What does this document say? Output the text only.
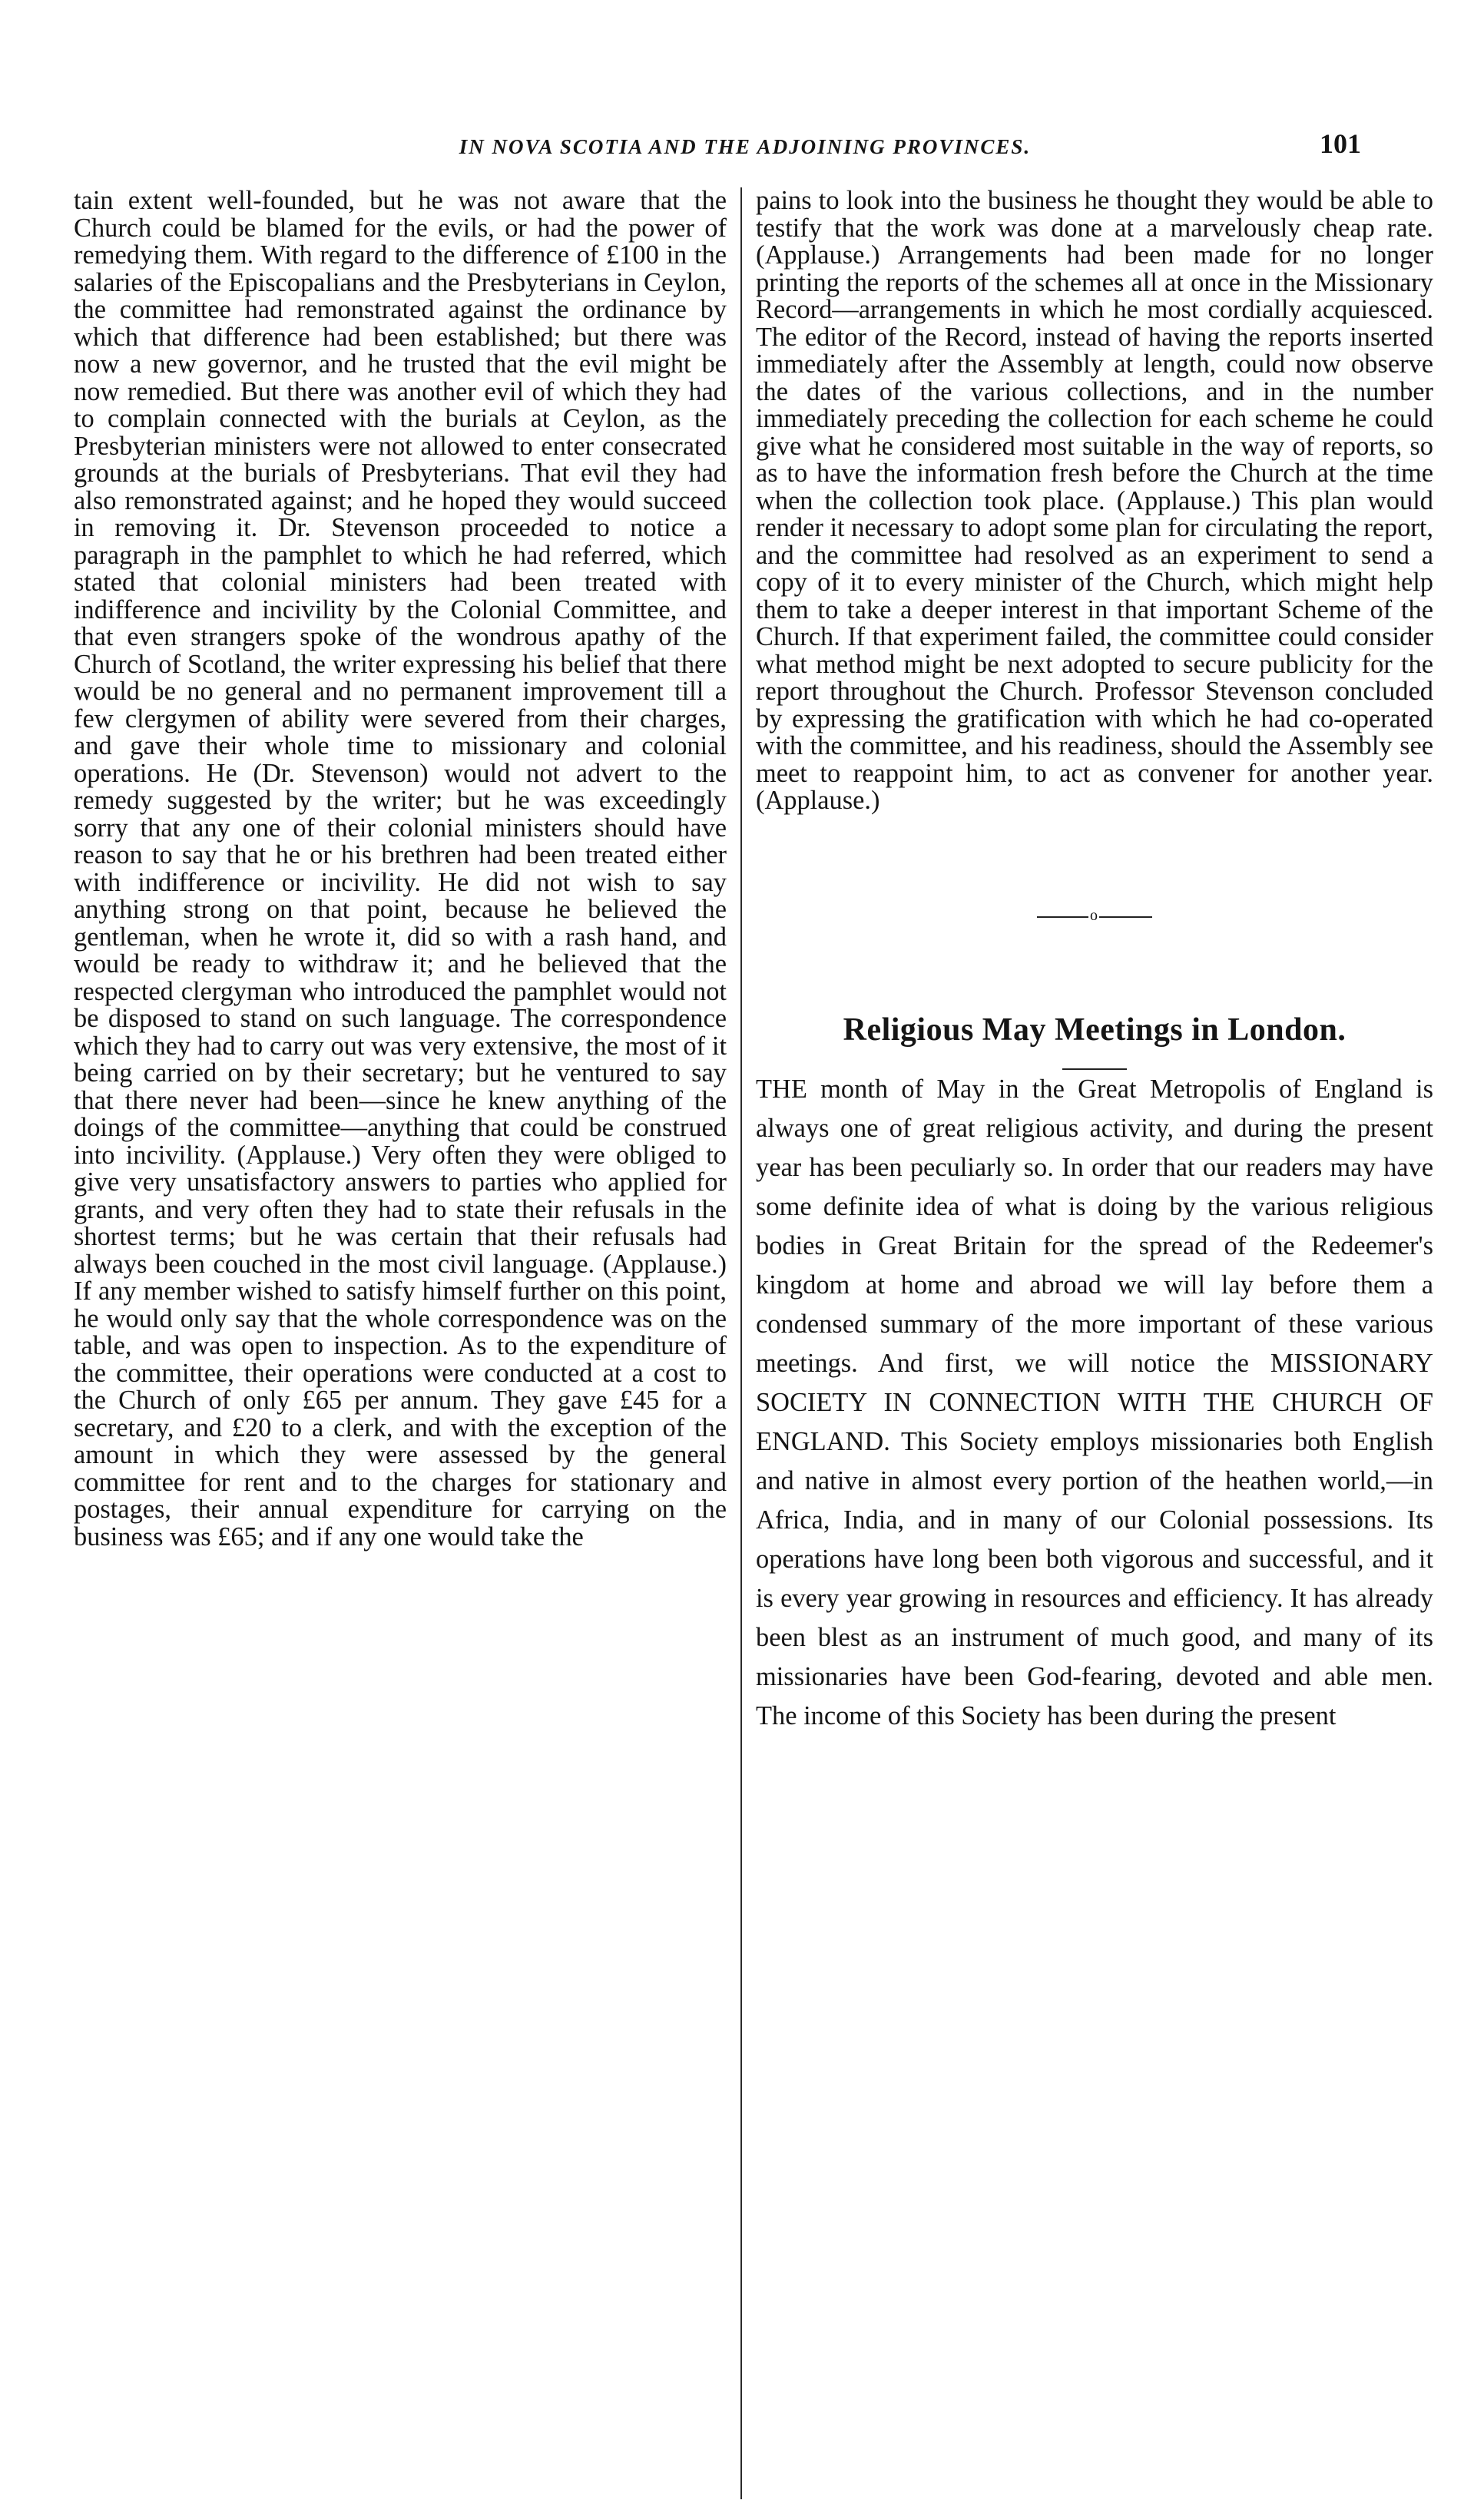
IN NOVA SCOTIA AND THE ADJOINING PROVINCES.	101

tain extent well-founded, but he was not aware that the Church could be blamed for the evils, or had the power of remedying them. With regard to the difference of £100 in the salaries of the Episcopalians and the Presbyterians in Ceylon, the committee had remonstrated against the ordinance by which that difference had been established; but there was now a new governor, and he trusted that the evil might be now remedied. But there was another evil of which they had to complain connected with the burials at Ceylon, as the Presbyterian ministers were not allowed to enter consecrated grounds at the burials of Presbyterians. That evil they had also remonstrated against; and he hoped they would succeed in removing it. Dr. Stevenson proceeded to notice a paragraph in the pamphlet to which he had referred, which stated that colonial ministers had been treated with indifference and incivility by the Colonial Committee, and that even strangers spoke of the wondrous apathy of the Church of Scotland, the writer expressing his belief that there would be no general and no permanent improvement till a few clergymen of ability were severed from their charges, and gave their whole time to missionary and colonial operations. He (Dr. Stevenson) would not advert to the remedy suggested by the writer; but he was exceedingly sorry that any one of their colonial ministers should have reason to say that he or his brethren had been treated either with indifference or incivility. He did not wish to say anything strong on that point, because he believed the gentleman, when he wrote it, did so with a rash hand, and would be ready to withdraw it; and he believed that the respected clergyman who introduced the pamphlet would not be disposed to stand on such language. The correspondence which they had to carry out was very extensive, the most of it being carried on by their secretary; but he ventured to say that there never had been—since he knew anything of the doings of the committee—anything that could be construed into incivility. (Applause.) Very often they were obliged to give very unsatisfactory answers to parties who applied for grants, and very often they had to state their refusals in the shortest terms; but he was certain that their refusals had always been couched in the most civil language. (Applause.) If any member wished to satisfy himself further on this point, he would only say that the whole correspondence was on the table, and was open to inspection. As to the expenditure of the committee, their operations were conducted at a cost to the Church of only £65 per annum. They gave £45 for a secretary, and £20 to a clerk, and with the exception of the amount in which they were assessed by the general committee for rent and to the charges for stationary and postages, their annual expenditure for carrying on the business was £65; and if any one would take the

pains to look into the business he thought they would be able to testify that the work was done at a marvelously cheap rate. (Applause.) Arrangements had been made for no longer printing the reports of the schemes all at once in the Missionary Record—arrangements in which he most cordially acquiesced. The editor of the Record, instead of having the reports inserted immediately after the Assembly at length, could now observe the dates of the various collections, and in the number immediately preceding the collection for each scheme he could give what he considered most suitable in the way of reports, so as to have the information fresh before the Church at the time when the collection took place. (Applause.) This plan would render it necessary to adopt some plan for circulating the report, and the committee had resolved as an experiment to send a copy of it to every minister of the Church, which might help them to take a deeper interest in that important Scheme of the Church. If that experiment failed, the committee could consider what method might be next adopted to secure publicity for the report throughout the Church. Professor Stevenson concluded by expressing the gratification with which he had co-operated with the committee, and his readiness, should the Assembly see meet to reappoint him, to act as convener for another year. (Applause.)

o
Religious May Meetings in London.

THE month of May in the Great Metropolis of England is always one of great religious activity, and during the present year has been peculiarly so. In order that our readers may have some definite idea of what is doing by the various religious bodies in Great Britain for the spread of the Redeemer's kingdom at home and abroad we will lay before them a condensed summary of the more important of these various meetings. And first, we will notice the MISSIONARY SOCIETY IN CONNECTION WITH THE CHURCH OF ENGLAND. This Society employs missionaries both English and native in almost every portion of the heathen world,—in Africa, India, and in many of our Colonial possessions. Its operations have long been both vigorous and successful, and it is every year growing in resources and efficiency. It has already been blest as an instrument of much good, and many of its missionaries have been God-fearing, devoted and able men. The income of this Society has been during the present
